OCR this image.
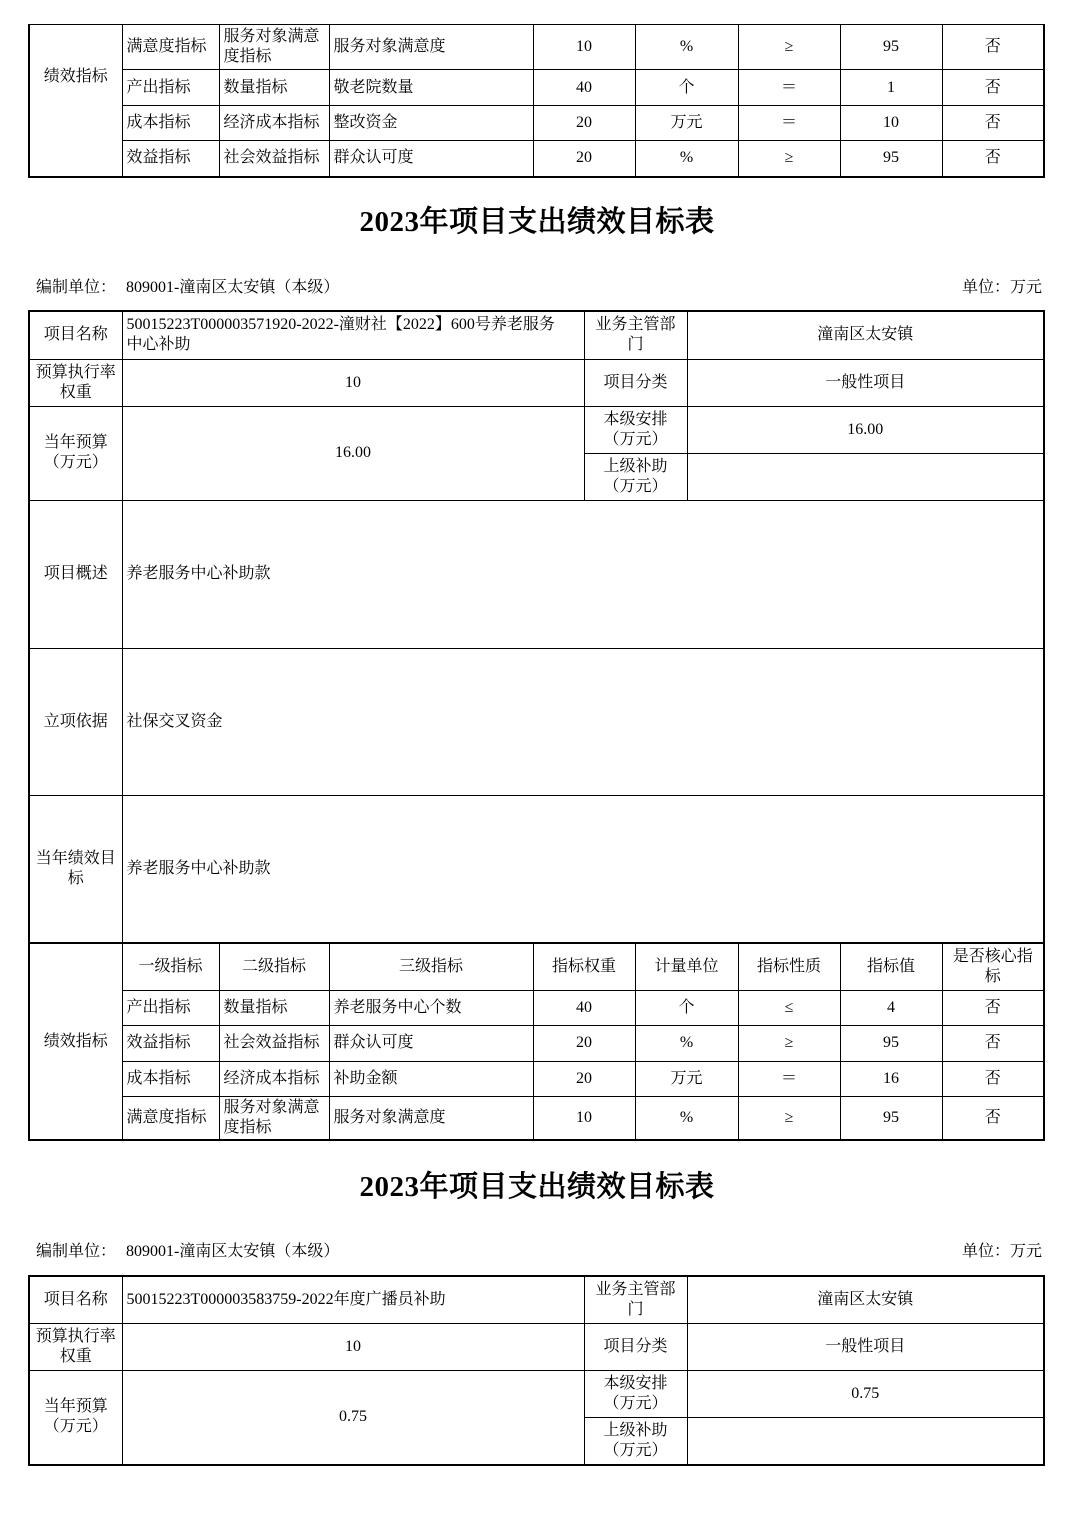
绩效指标	满意度指标	服务对象满意度指标	服务对象满意度	10	%	≥	95	否
	产出指标	数量指标	敬老院数量	40	个	＝	1	否
	成本指标	经济成本指标	整改资金	20	万元	＝	10	否
	效益指标	社会效益指标	群众认可度	20	%	≥	95	否
2023年项目支出绩效目标表
编制单位： 809001-潼南区太安镇（本级）	单位：万元
项目名称	50015223T000003571920-2022-潼财社【2022】600号养老服务中心补助	业务主管部门	潼南区太安镇
预算执行率权重	10	项目分类	一般性项目
当年预算（万元）	16.00	本级安排（万元）	16.00
		上级补助（万元）	
项目概述	养老服务中心补助款		
立项依据	社保交叉资金		
当年绩效目标	养老服务中心补助款		
绩效指标	一级指标	二级指标	三级指标	指标权重	计量单位	指标性质	指标值	是否核心指标
	产出指标	数量指标	养老服务中心个数	40	个	≤	4	否
	效益指标	社会效益指标	群众认可度	20	%	≥	95	否
	成本指标	经济成本指标	补助金额	20	万元	＝	16	否
	满意度指标	服务对象满意度指标	服务对象满意度	10	%	≥	95	否
2023年项目支出绩效目标表
编制单位： 809001-潼南区太安镇（本级）	单位：万元
项目名称	50015223T000003583759-2022年度广播员补助	业务主管部门	潼南区太安镇
预算执行率权重	10	项目分类	一般性项目
当年预算（万元）	0.75	本级安排（万元）	0.75
		上级补助（万元）	
